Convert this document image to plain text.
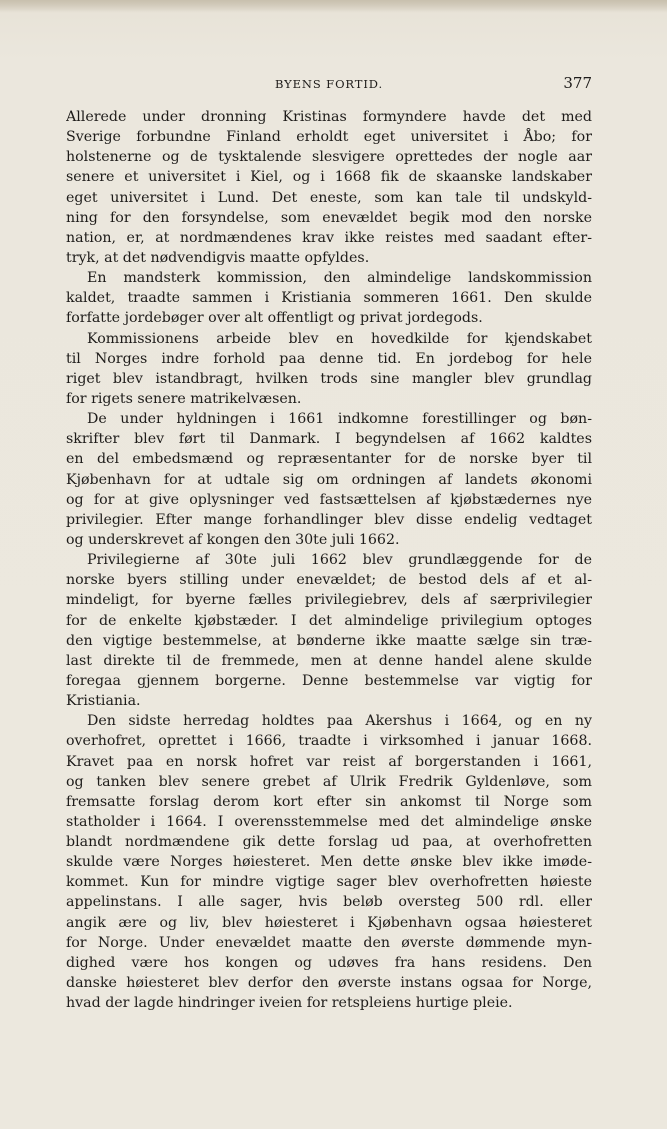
BYENS FORTID.	377
Allerede under dronning Kristinas formyndere havde det med
Sverige forbundne Finland erholdt eget universitet i Åbo; for
holstenerne og de tysktalende slesvigere oprettedes der nogle aar
senere et universitet i Kiel, og i 1668 fik de skaanske landskaber
eget universitet i Lund. Det eneste, som kan tale til undskyld-
ning for den forsyndelse, som enevældet begik mod den norske
nation, er, at nordmændenes krav ikke reistes med saadant efter-
tryk, at det nødvendigvis maatte opfyldes.
En mandsterk kommission, den almindelige landskommission
kaldet, traadte sammen i Kristiania sommeren 1661. Den skulde
forfatte jordebøger over alt offentligt og privat jordegods.
Kommissionens arbeide blev en hovedkilde for kjendskabet
til Norges indre forhold paa denne tid. En jordebog for hele
riget blev istandbragt, hvilken trods sine mangler blev grundlag
for rigets senere matrikelvæsen.
De under hyldningen i 1661 indkomne forestillinger og bøn-
skrifter blev ført til Danmark. I begyndelsen af 1662 kaldtes
en del embedsmænd og repræsentanter for de norske byer til
Kjøbenhavn for at udtale sig om ordningen af landets økonomi
og for at give oplysninger ved fastsættelsen af kjøbstædernes nye
privilegier. Efter mange forhandlinger blev disse endelig vedtaget
og underskrevet af kongen den 30te juli 1662.
Privilegierne af 30te juli 1662 blev grundlæggende for de
norske byers stilling under enevældet; de bestod dels af et al-
mindeligt, for byerne fælles privilegiebrev, dels af særprivilegier
for de enkelte kjøbstæder. I det almindelige privilegium optoges
den vigtige bestemmelse, at bønderne ikke maatte sælge sin træ-
last direkte til de fremmede, men at denne handel alene skulde
foregaa gjennem borgerne. Denne bestemmelse var vigtig for
Kristiania.
Den sidste herredag holdtes paa Akershus i 1664, og en ny
overhofret, oprettet i 1666, traadte i virksomhed i januar 1668.
Kravet paa en norsk hofret var reist af borgerstanden i 1661,
og tanken blev senere grebet af Ulrik Fredrik Gyldenløve, som
fremsatte forslag derom kort efter sin ankomst til Norge som
statholder i 1664. I overensstemmelse med det almindelige ønske
blandt nordmændene gik dette forslag ud paa, at overhofretten
skulde være Norges høiesteret. Men dette ønske blev ikke imøde-
kommet. Kun for mindre vigtige sager blev overhofretten høieste
appelinstans. I alle sager, hvis beløb oversteg 500 rdl. eller
angik ære og liv, blev høiesteret i Kjøbenhavn ogsaa høiesteret
for Norge. Under enevældet maatte den øverste dømmende myn-
dighed være hos kongen og udøves fra hans residens. Den
danske høiesteret blev derfor den øverste instans ogsaa for Norge,
hvad der lagde hindringer iveien for retspleiens hurtige pleie.
